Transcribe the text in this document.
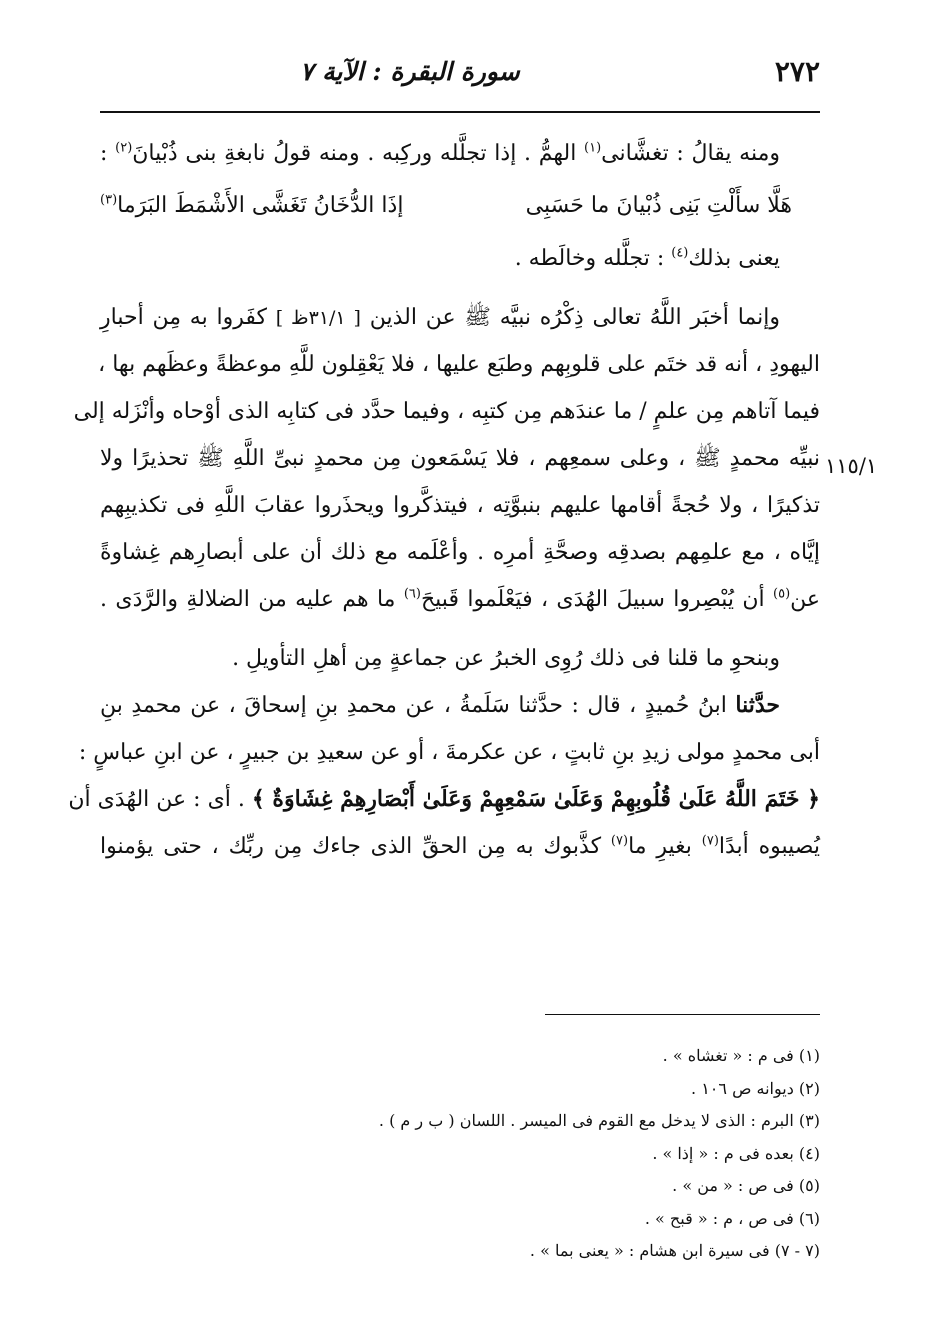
٢٧٢
سورة البقرة : الآية ٧
١١٥/١

ومنه يقالُ : تغشَّانى$^{(١)}$ الهمُّ . إذا تجلَّله وركِبه . ومنه قولُ نابغةِ بنى ذُبْيانَ$^{(٢)}$ :

هَلَّا سأَلْتِ بَنِى ذُبْيانَ ما حَسَبِى
إذَا الدُّخَانُ تَغَشَّى الأَشْمَطَ البَرَما$^{(٣)}$

يعنى بذلك$^{(٤)}$ : تجلَّله وخالَطه .

وإنما أخبَر اللَّهُ تعالى ذِكْرُه نبيَّه ﷺ عن الذين [ ٣١/١ظ ] كفَروا به مِن أحبارِ

اليهودِ ، أنه قد ختَم على قلوبِهم وطبَع عليها ، فلا يَعْقِلون للَّهِ موعظةً وعظَهم بها ،

فيما آتاهم مِن علمٍ / ما عندَهم مِن كتبِه ، وفيما حدَّد فى كتابِه الذى أوْحاه وأنْزَله إلى

نبيِّه محمدٍ ﷺ ، وعلى سمعِهم ، فلا يَسْمَعون مِن محمدٍ نبىِّ اللَّهِ ﷺ تحذيرًا ولا

تذكيرًا ، ولا حُجةً أقامها عليهم بنبوَّتِه ، فيتذكَّروا ويحذَروا عقابَ اللَّهِ فى تكذيبِهم

إيَّاه ، مع علمِهم بصدقِه وصحَّةِ أمرِه . وأعْلَمه مع ذلك أن على أبصارِهم غِشاوةً

عن$^{(٥)}$ أن يُبْصِروا سبيلَ الهُدَى ، فيَعْلَموا قَبيحَ$^{(٦)}$ ما هم عليه من الضلالةِ والرَّدَى .

وبنحوِ ما قلنا فى ذلك رُوِى الخبرُ عن جماعةٍ مِن أهلِ التأويلِ .

حدَّثنا ابنُ حُميدٍ ، قال : حدَّثنا سَلَمةُ ، عن محمدِ بنِ إسحاقَ ، عن محمدِ بنِ

أبى محمدٍ مولى زيدِ بنِ ثابتٍ ، عن عكرمةَ ، أو عن سعيدِ بن جبيرٍ ، عن ابنِ عباسٍ :

﴿ خَتَمَ اللَّهُ عَلَىٰ قُلُوبِهِمْ وَعَلَىٰ سَمْعِهِمْ وَعَلَىٰ أَبْصَارِهِمْ غِشَاوَةٌ ﴾ . أى : عن الهُدَى أن

يُصيبوه أبدًا$^{(٧)}$ بغيرِ ما$^{(٧)}$ كذَّبوك به مِن الحقِّ الذى جاءك مِن ربِّك ، حتى يؤمنوا

(١) فى م : « تغشاه » .
(٢) ديوانه ص ١٠٦ .
(٣) البرم : الذى لا يدخل مع القوم فى الميسر . اللسان ( ب ر م ) .
(٤) بعده فى م : « إذا » .
(٥) فى ص : « من » .
(٦) فى ص ، م : « قبح » .
(٧ - ٧) فى سيرة ابن هشام : « يعنى بما » .
